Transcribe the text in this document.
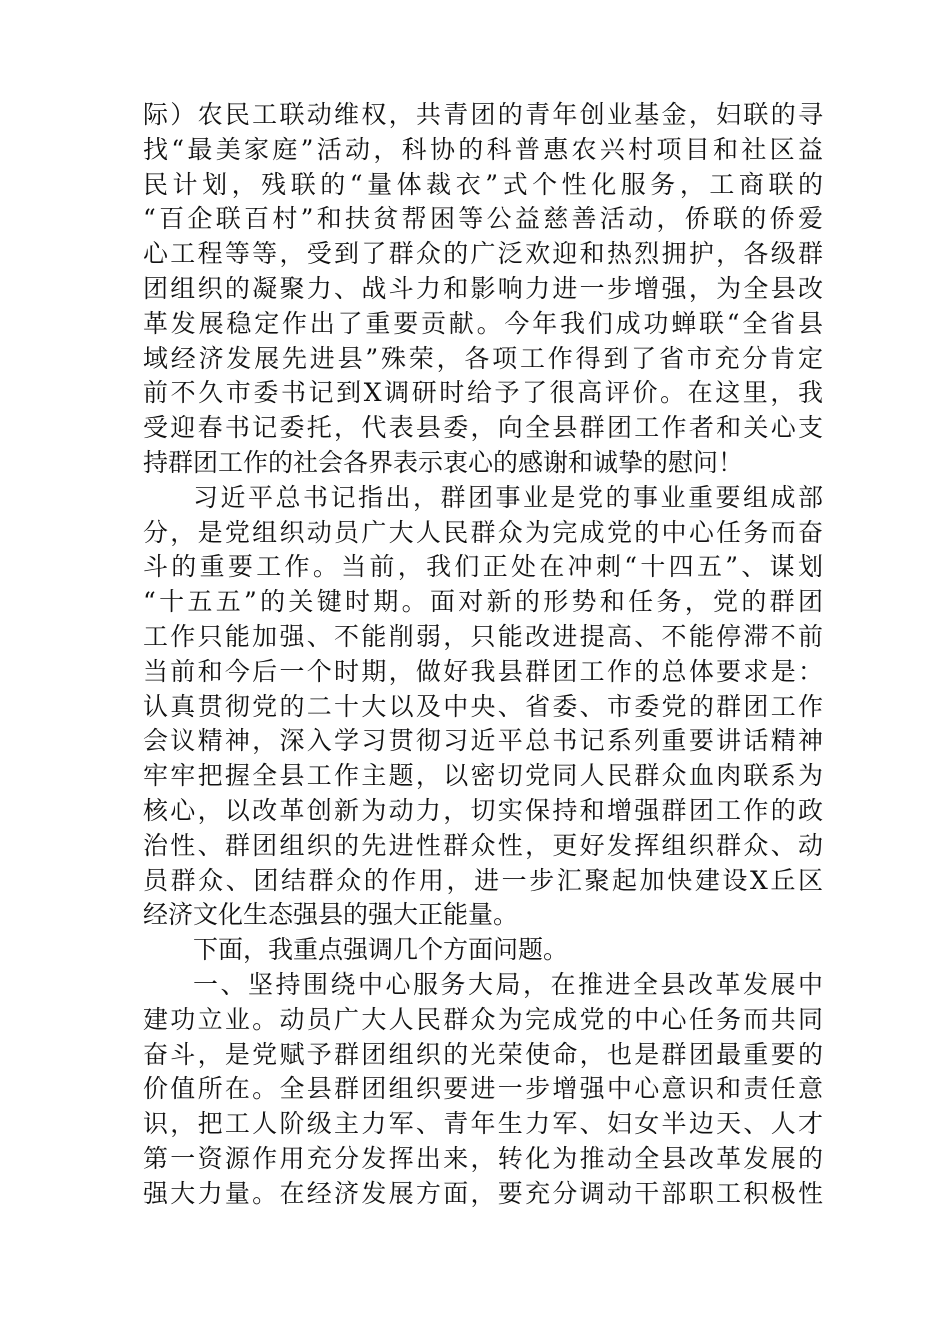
际）农民工联动维权，共青团的青年创业基金，妇联的寻
找“最美家庭”活动，科协的科普惠农兴村项目和社区益
民计划，残联的“量体裁衣”式个性化服务，工商联的
“百企联百村”和扶贫帮困等公益慈善活动，侨联的侨爱
心工程等等，受到了群众的广泛欢迎和热烈拥护，各级群
团组织的凝聚力、战斗力和影响力进一步增强，为全县改
革发展稳定作出了重要贡献。今年我们成功蝉联“全省县
域经济发展先进县”殊荣，各项工作得到了省市充分肯定
前不久市委书记到X调研时给予了很高评价。在这里，我
受迎春书记委托，代表县委，向全县群团工作者和关心支
持群团工作的社会各界表示衷心的感谢和诚挚的慰问！
习近平总书记指出，群团事业是党的事业重要组成部
分，是党组织动员广大人民群众为完成党的中心任务而奋
斗的重要工作。当前，我们正处在冲刺“十四五”、谋划
“十五五”的关键时期。面对新的形势和任务，党的群团
工作只能加强、不能削弱，只能改进提高、不能停滞不前
当前和今后一个时期，做好我县群团工作的总体要求是：
认真贯彻党的二十大以及中央、省委、市委党的群团工作
会议精神，深入学习贯彻习近平总书记系列重要讲话精神
牢牢把握全县工作主题，以密切党同人民群众血肉联系为
核心，以改革创新为动力，切实保持和增强群团工作的政
治性、群团组织的先进性群众性，更好发挥组织群众、动
员群众、团结群众的作用，进一步汇聚起加快建设X丘区
经济文化生态强县的强大正能量。
下面，我重点强调几个方面问题。
一、坚持围绕中心服务大局，在推进全县改革发展中
建功立业。动员广大人民群众为完成党的中心任务而共同
奋斗，是党赋予群团组织的光荣使命，也是群团最重要的
价值所在。全县群团组织要进一步增强中心意识和责任意
识，把工人阶级主力军、青年生力军、妇女半边天、人才
第一资源作用充分发挥出来，转化为推动全县改革发展的
强大力量。在经济发展方面，要充分调动干部职工积极性
